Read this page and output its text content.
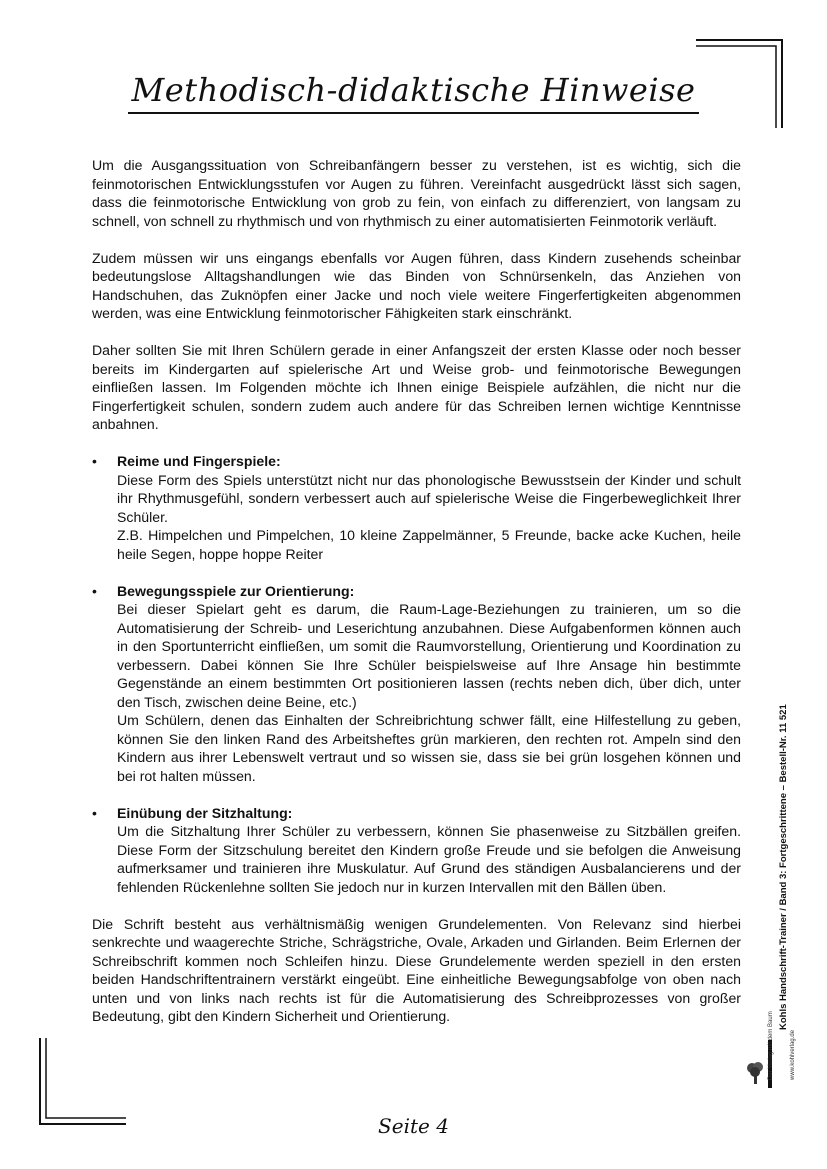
Methodisch-didaktische Hinweise

Um die Ausgangssituation von Schreibanfängern besser zu verstehen, ist es wichtig, sich die feinmotorischen Entwicklungsstufen vor Augen zu führen. Vereinfacht ausgedrückt lässt sich sagen, dass die feinmotorische Entwicklung von grob zu fein, von einfach zu differenziert, von langsam zu schnell, von schnell zu rhythmisch und von rhythmisch zu einer automatisierten Feinmotorik verläuft.

Zudem müssen wir uns eingangs ebenfalls vor Augen führen, dass Kindern zusehends scheinbar bedeutungslose Alltagshandlungen wie das Binden von Schnürsenkeln, das Anziehen von Handschuhen, das Zuknöpfen einer Jacke und noch viele weitere Fingerfertigkeiten abgenommen werden, was eine Entwicklung feinmotorischer Fähigkeiten stark einschränkt.

Daher sollten Sie mit Ihren Schülern gerade in einer Anfangszeit der ersten Klasse oder noch besser bereits im Kindergarten auf spielerische Art und Weise grob- und feinmotorische Bewegungen einfließen lassen. Im Folgenden möchte ich Ihnen einige Beispiele aufzählen, die nicht nur die Fingerfertigkeit schulen, sondern zudem auch andere für das Schreiben lernen wichtige Kenntnisse anbahnen.

• Reime und Fingerspiele:
Diese Form des Spiels unterstützt nicht nur das phonologische Bewusstsein der Kinder und schult ihr Rhythmusgefühl, sondern verbessert auch auf spielerische Weise die Fingerbeweglichkeit Ihrer Schüler.
Z.B. Himpelchen und Pimpelchen, 10 kleine Zappelmänner, 5 Freunde, backe acke Kuchen, heile heile Segen, hoppe hoppe Reiter
• Bewegungsspiele zur Orientierung:
Bei dieser Spielart geht es darum, die Raum-Lage-Beziehungen zu trainieren, um so die Automatisierung der Schreib- und Leserichtung anzubahnen. Diese Aufgabenformen können auch in den Sportunterricht einfließen, um somit die Raumvorstellung, Orientierung und Koordination zu verbessern. Dabei können Sie Ihre Schüler beispielsweise auf Ihre Ansage hin bestimmte Gegenstände an einem bestimmten Ort positionieren lassen (rechts neben dich, über dich, unter den Tisch, zwischen deine Beine, etc.)
Um Schülern, denen das Einhalten der Schreibrichtung schwer fällt, eine Hilfestellung zu geben, können Sie den linken Rand des Arbeitsheftes grün markieren, den rechten rot. Ampeln sind den Kindern aus ihrer Lebenswelt vertraut und so wissen sie, dass sie bei grün losgehen können und bei rot halten müssen.
• Einübung der Sitzhaltung:
Um die Sitzhaltung Ihrer Schüler zu verbessern, können Sie phasenweise zu Sitzbällen greifen. Diese Form der Sitzschulung bereitet den Kindern große Freude und sie befolgen die Anweisung aufmerksamer und trainieren ihre Muskulatur. Auf Grund des ständigen Ausbalancierens und der fehlenden Rückenlehne sollten Sie jedoch nur in kurzen Intervallen mit den Bällen üben.

Die Schrift besteht aus verhältnismäßig wenigen Grundelementen. Von Relevanz sind hierbei senkrechte und waagerechte Striche, Schrägstriche, Ovale, Arkaden und Girlanden. Beim Erlernen der Schreibschrift kommen noch Schleifen hinzu. Diese Grundelemente werden speziell in den ersten beiden Handschriftentrainern verstärkt eingeübt. Eine einheitliche Bewegungsabfolge von oben nach unten und von links nach rechts ist für die Automatisierung des Schreibprozesses von großer Bedeutung, gibt den Kindern Sicherheit und Orientierung.	Kohls Handschrift-Trainer / Band 3: Fortgeschrittene – Bestell-Nr. 11 521
Der Verlag mit dem Baum	www.kohlverlag.de
Seite 4
